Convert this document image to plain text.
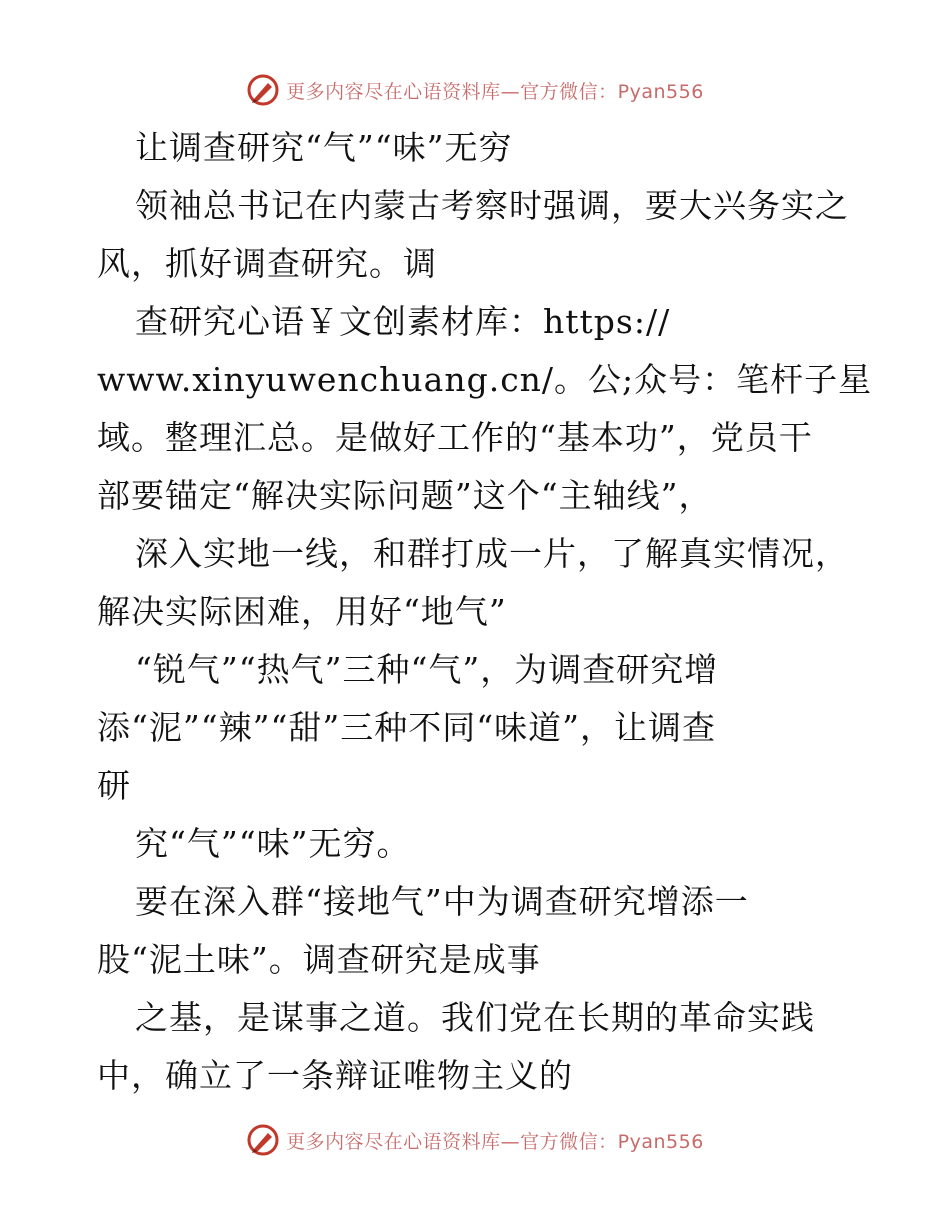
更多内容尽在心语资料库—官方微信：Pyan556
让调查研究“气”“味”无穷
领袖总书记在内蒙古考察时强调，要大兴务实之
风，抓好调查研究。调
查研究心语￥文创素材库：https://
www.xinyuwenchuang.cn/。公;众号：笔杆子星
域。整理汇总。是做好工作的“基本功”，党员干
部要锚定“解决实际问题”这个“主轴线”，
深入实地一线，和群打成一片，了解真实情况，
解决实际困难，用好“地气”
“锐气”“热气”三种“气”，为调查研究增
添“泥”“辣”“甜”三种不同“味道”，让调查
研
究“气”“味”无穷。
要在深入群“接地气”中为调查研究增添一
股“泥土味”。调查研究是成事
之基，是谋事之道。我们党在长期的革命实践
中，确立了一条辩证唯物主义的
更多内容尽在心语资料库—官方微信：Pyan556
